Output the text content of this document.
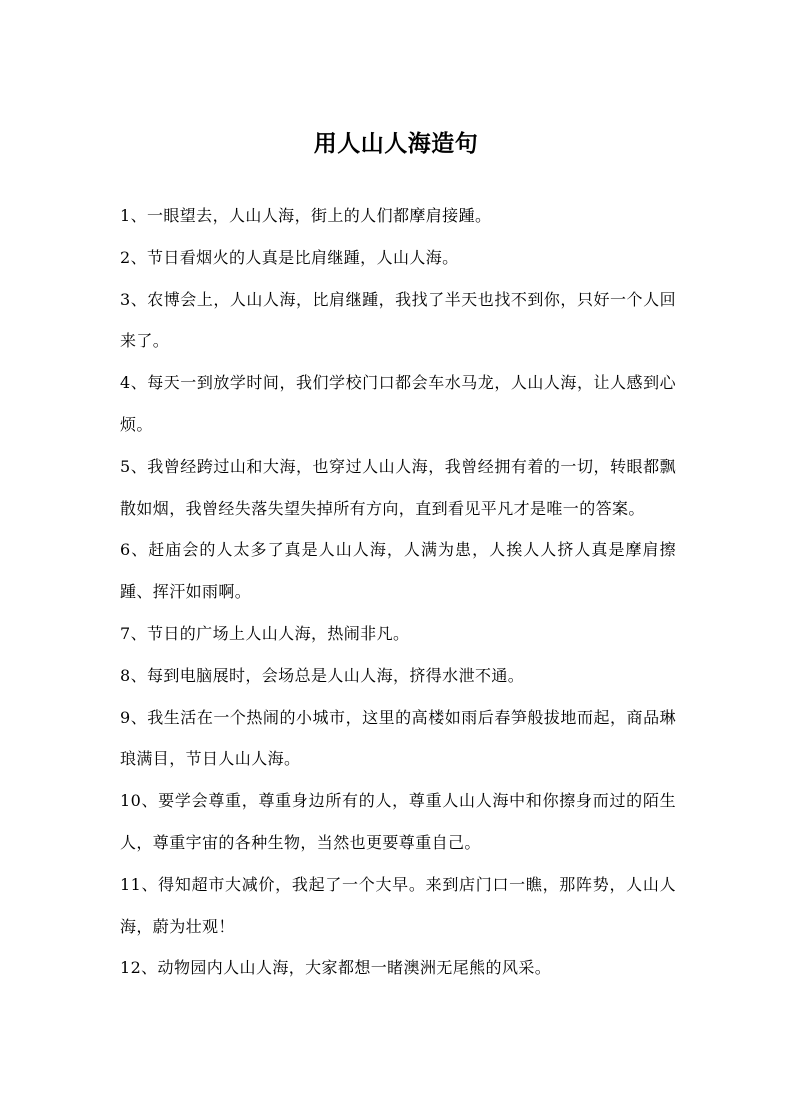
用人山人海造句
1、一眼望去，人山人海，街上的人们都摩肩接踵。
2、节日看烟火的人真是比肩继踵，人山人海。
3、农博会上，人山人海，比肩继踵，我找了半天也找不到你，只好一个人回来了。
4、每天一到放学时间，我们学校门口都会车水马龙，人山人海，让人感到心烦。
5、我曾经跨过山和大海，也穿过人山人海，我曾经拥有着的一切，转眼都飘散如烟，我曾经失落失望失掉所有方向，直到看见平凡才是唯一的答案。
6、赶庙会的人太多了真是人山人海，人满为患，人挨人人挤人真是摩肩擦踵、挥汗如雨啊。
7、节日的广场上人山人海，热闹非凡。
8、每到电脑展时，会场总是人山人海，挤得水泄不通。
9、我生活在一个热闹的小城市，这里的高楼如雨后春笋般拔地而起，商品琳琅满目，节日人山人海。
10、要学会尊重，尊重身边所有的人，尊重人山人海中和你擦身而过的陌生人，尊重宇宙的各种生物，当然也更要尊重自己。
11、得知超市大减价，我起了一个大早。来到店门口一瞧，那阵势，人山人海，蔚为壮观！
12、动物园内人山人海，大家都想一睹澳洲无尾熊的风采。
